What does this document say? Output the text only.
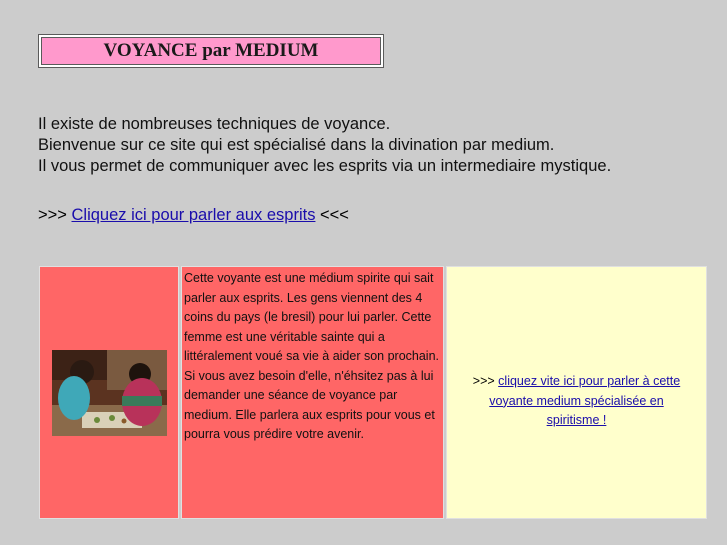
VOYANCE par MEDIUM

Il existe de nombreuses techniques de voyance.

Bienvenue sur ce site qui est spécialisé dans la divination par medium.

Il vous permet de communiquer avec les esprits via un intermediaire mystique.

>>> Cliquez ici pour parler aux esprits <<<
Cette voyante est une médium spirite qui sait parler aux esprits. Les gens viennent des 4 coins du pays (le bresil) pour lui parler. Cette femme est une véritable sainte qui a littéralement voué sa vie à aider son prochain. Si vous avez besoin d'elle, n'éhsitez pas à lui demander une séance de voyance par medium. Elle parlera aux esprits pour vous et pourra vous prédire votre avenir.
>>> cliquez vite ici pour parler à cette voyante medium spécialisée en spiritisme !
